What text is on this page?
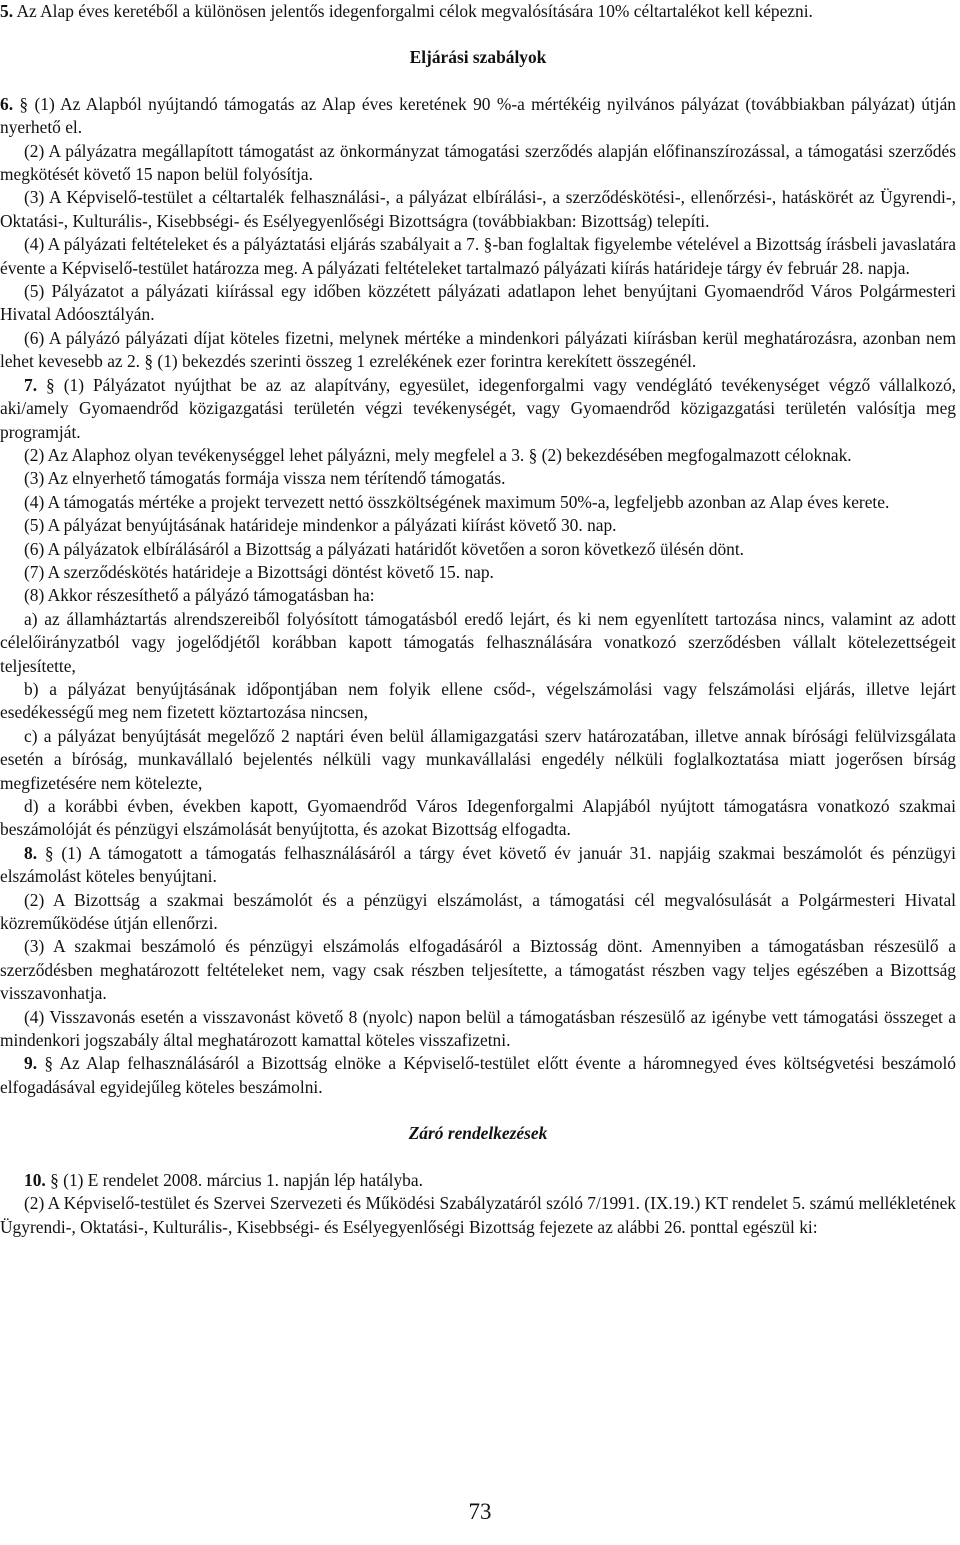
5. Az Alap éves keretéből a különösen jelentős idegenforgalmi célok megvalósítására 10% céltartalékot kell képezni.

Eljárási szabályok

6. § (1) Az Alapból nyújtandó támogatás az Alap éves keretének 90 %-a mértékéig nyilvános pályázat (továbbiakban pályázat) útján nyerhető el.

(2) A pályázatra megállapított támogatást az önkormányzat támogatási szerződés alapján előfinanszírozással, a támogatási szerződés megkötését követő 15 napon belül folyósítja.

(3) A Képviselő-testület a céltartalék felhasználási-, a pályázat elbírálási-, a szerződéskötési-, ellenőrzési-, hatáskörét az Ügyrendi-, Oktatási-, Kulturális-, Kisebbségi- és Esélyegyenlőségi Bizottságra (továbbiakban: Bizottság) telepíti.

(4) A pályázati feltételeket és a pályáztatási eljárás szabályait a 7. §-ban foglaltak figyelembe vételével a Bizottság írásbeli javaslatára évente a Képviselő-testület határozza meg. A pályázati feltételeket tartalmazó pályázati kiírás határideje tárgy év február 28. napja.

(5) Pályázatot a pályázati kiírással egy időben közzétett pályázati adatlapon lehet benyújtani Gyomaendrőd Város Polgármesteri Hivatal Adóosztályán.

(6) A pályázó pályázati díjat köteles fizetni, melynek mértéke a mindenkori pályázati kiírásban kerül meghatározásra, azonban nem lehet kevesebb az 2. § (1) bekezdés szerinti összeg 1 ezrelékének ezer forintra kerekített összegénél.

7. § (1) Pályázatot nyújthat be az az alapítvány, egyesület, idegenforgalmi vagy vendéglátó tevékenységet végző vállalkozó, aki/amely Gyomaendrőd közigazgatási területén végzi tevékenységét, vagy Gyomaendrőd közigazgatási területén valósítja meg programját.

(2) Az Alaphoz olyan tevékenységgel lehet pályázni, mely megfelel a 3. § (2) bekezdésében megfogalmazott céloknak.

(3) Az elnyerhető támogatás formája vissza nem térítendő támogatás.

(4) A támogatás mértéke a projekt tervezett nettó összköltségének maximum 50%-a, legfeljebb azonban az Alap éves kerete.

(5) A pályázat benyújtásának határideje mindenkor a pályázati kiírást követő 30. nap.

(6) A pályázatok elbírálásáról a Bizottság a pályázati határidőt követően a soron következő ülésén dönt.

(7) A szerződéskötés határideje a Bizottsági döntést követő 15. nap.

(8) Akkor részesíthető a pályázó támogatásban ha:

a) az államháztartás alrendszereiből folyósított támogatásból eredő lejárt, és ki nem egyenlített tartozása nincs, valamint az adott célelőirányzatból vagy jogelődjétől korábban kapott támogatás felhasználására vonatkozó szerződésben vállalt kötelezettségeit teljesítette,

b) a pályázat benyújtásának időpontjában nem folyik ellene csőd-, végelszámolási vagy felszámolási eljárás, illetve lejárt esedékességű meg nem fizetett köztartozása nincsen,

c) a pályázat benyújtását megelőző 2 naptári éven belül államigazgatási szerv határozatában, illetve annak bírósági felülvizsgálata esetén a bíróság, munkavállaló bejelentés nélküli vagy munkavállalási engedély nélküli foglalkoztatása miatt jogerősen bírság megfizetésére nem kötelezte,

d) a korábbi évben, években kapott, Gyomaendrőd Város Idegenforgalmi Alapjából nyújtott támogatásra vonatkozó szakmai beszámolóját és pénzügyi elszámolását benyújtotta, és azokat Bizottság elfogadta.

8. § (1) A támogatott a támogatás felhasználásáról a tárgy évet követő év január 31. napjáig szakmai beszámolót és pénzügyi elszámolást köteles benyújtani.

(2) A Bizottság a szakmai beszámolót és a pénzügyi elszámolást, a támogatási cél megvalósulását a Polgármesteri Hivatal közreműködése útján ellenőrzi.

(3) A szakmai beszámoló és pénzügyi elszámolás elfogadásáról a Biztosság dönt. Amennyiben a támogatásban részesülő a szerződésben meghatározott feltételeket nem, vagy csak részben teljesítette, a támogatást részben vagy teljes egészében a Bizottság visszavonhatja.

(4) Visszavonás esetén a visszavonást követő 8 (nyolc) napon belül a támogatásban részesülő az igénybe vett támogatási összeget a mindenkori jogszabály által meghatározott kamattal köteles visszafizetni.

9. § Az Alap felhasználásáról a Bizottság elnöke a Képviselő-testület előtt évente a háromnegyed éves költségvetési beszámoló elfogadásával egyidejűleg köteles beszámolni.

Záró rendelkezések

10. § (1) E rendelet 2008. március 1. napján lép hatályba.

(2) A Képviselő-testület és Szervei Szervezeti és Működési Szabályzatáról szóló 7/1991. (IX.19.) KT rendelet 5. számú mellékletének Ügyrendi-, Oktatási-, Kulturális-, Kisebbségi- és Esélyegyenlőségi Bizottság fejezete az alábbi 26. ponttal egészül ki:

73
